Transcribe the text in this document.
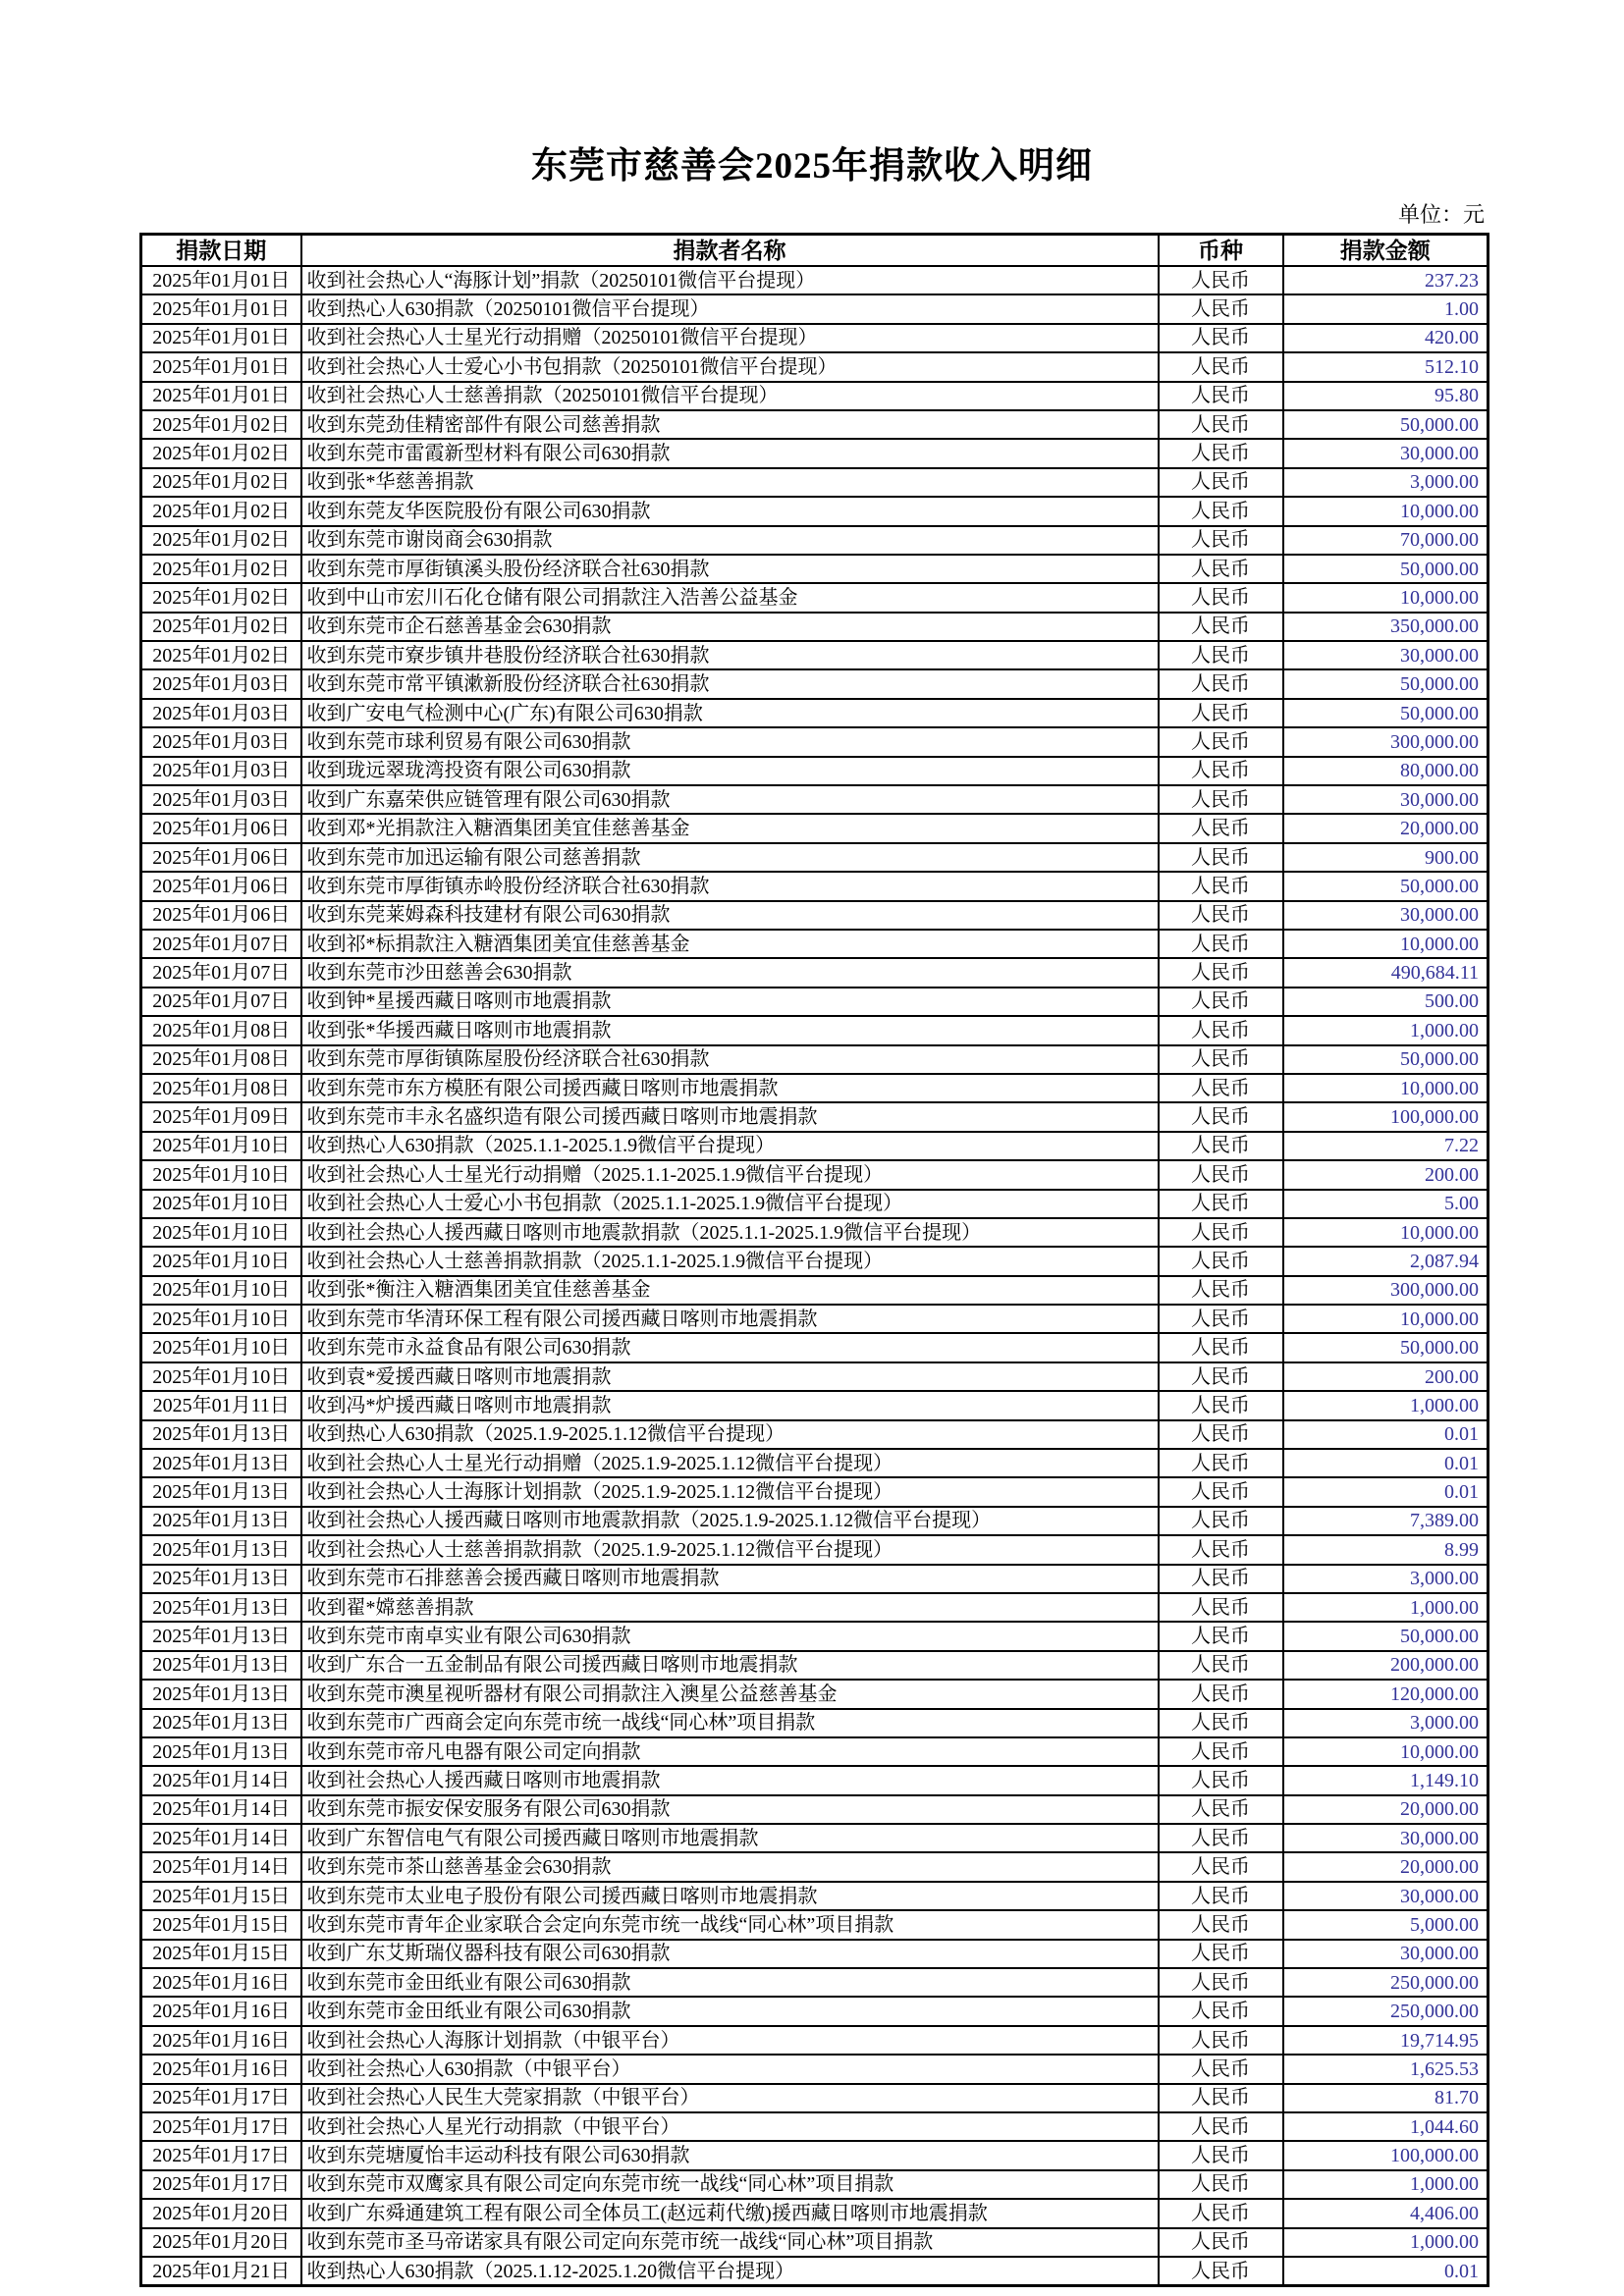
东莞市慈善会2025年捐款收入明细
单位：元
捐款日期	捐款者名称	币种	捐款金额
2025年01月01日	收到社会热心人“海豚计划”捐款（20250101微信平台提现）	人民币	237.23
2025年01月01日	收到热心人630捐款（20250101微信平台提现）	人民币	1.00
2025年01月01日	收到社会热心人士星光行动捐赠（20250101微信平台提现）	人民币	420.00
2025年01月01日	收到社会热心人士爱心小书包捐款（20250101微信平台提现）	人民币	512.10
2025年01月01日	收到社会热心人士慈善捐款（20250101微信平台提现）	人民币	95.80
2025年01月02日	收到东莞劲佳精密部件有限公司慈善捐款	人民币	50,000.00
2025年01月02日	收到东莞市雷霞新型材料有限公司630捐款	人民币	30,000.00
2025年01月02日	收到张*华慈善捐款	人民币	3,000.00
2025年01月02日	收到东莞友华医院股份有限公司630捐款	人民币	10,000.00
2025年01月02日	收到东莞市谢岗商会630捐款	人民币	70,000.00
2025年01月02日	收到东莞市厚街镇溪头股份经济联合社630捐款	人民币	50,000.00
2025年01月02日	收到中山市宏川石化仓储有限公司捐款注入浩善公益基金	人民币	10,000.00
2025年01月02日	收到东莞市企石慈善基金会630捐款	人民币	350,000.00
2025年01月02日	收到东莞市寮步镇井巷股份经济联合社630捐款	人民币	30,000.00
2025年01月03日	收到东莞市常平镇漱新股份经济联合社630捐款	人民币	50,000.00
2025年01月03日	收到广安电气检测中心(广东)有限公司630捐款	人民币	50,000.00
2025年01月03日	收到东莞市球利贸易有限公司630捐款	人民币	300,000.00
2025年01月03日	收到珑远翠珑湾投资有限公司630捐款	人民币	80,000.00
2025年01月03日	收到广东嘉荣供应链管理有限公司630捐款	人民币	30,000.00
2025年01月06日	收到邓*光捐款注入糖酒集团美宜佳慈善基金	人民币	20,000.00
2025年01月06日	收到东莞市加迅运输有限公司慈善捐款	人民币	900.00
2025年01月06日	收到东莞市厚街镇赤岭股份经济联合社630捐款	人民币	50,000.00
2025年01月06日	收到东莞莱姆森科技建材有限公司630捐款	人民币	30,000.00
2025年01月07日	收到祁*标捐款注入糖酒集团美宜佳慈善基金	人民币	10,000.00
2025年01月07日	收到东莞市沙田慈善会630捐款	人民币	490,684.11
2025年01月07日	收到钟*星援西藏日喀则市地震捐款	人民币	500.00
2025年01月08日	收到张*华援西藏日喀则市地震捐款	人民币	1,000.00
2025年01月08日	收到东莞市厚街镇陈屋股份经济联合社630捐款	人民币	50,000.00
2025年01月08日	收到东莞市东方模胚有限公司援西藏日喀则市地震捐款	人民币	10,000.00
2025年01月09日	收到东莞市丰永名盛织造有限公司援西藏日喀则市地震捐款	人民币	100,000.00
2025年01月10日	收到热心人630捐款（2025.1.1-2025.1.9微信平台提现）	人民币	7.22
2025年01月10日	收到社会热心人士星光行动捐赠（2025.1.1-2025.1.9微信平台提现）	人民币	200.00
2025年01月10日	收到社会热心人士爱心小书包捐款（2025.1.1-2025.1.9微信平台提现）	人民币	5.00
2025年01月10日	收到社会热心人援西藏日喀则市地震款捐款（2025.1.1-2025.1.9微信平台提现）	人民币	10,000.00
2025年01月10日	收到社会热心人士慈善捐款捐款（2025.1.1-2025.1.9微信平台提现）	人民币	2,087.94
2025年01月10日	收到张*衡注入糖酒集团美宜佳慈善基金	人民币	300,000.00
2025年01月10日	收到东莞市华清环保工程有限公司援西藏日喀则市地震捐款	人民币	10,000.00
2025年01月10日	收到东莞市永益食品有限公司630捐款	人民币	50,000.00
2025年01月10日	收到袁*爱援西藏日喀则市地震捐款	人民币	200.00
2025年01月11日	收到冯*炉援西藏日喀则市地震捐款	人民币	1,000.00
2025年01月13日	收到热心人630捐款（2025.1.9-2025.1.12微信平台提现）	人民币	0.01
2025年01月13日	收到社会热心人士星光行动捐赠（2025.1.9-2025.1.12微信平台提现）	人民币	0.01
2025年01月13日	收到社会热心人士海豚计划捐款（2025.1.9-2025.1.12微信平台提现）	人民币	0.01
2025年01月13日	收到社会热心人援西藏日喀则市地震款捐款（2025.1.9-2025.1.12微信平台提现）	人民币	7,389.00
2025年01月13日	收到社会热心人士慈善捐款捐款（2025.1.9-2025.1.12微信平台提现）	人民币	8.99
2025年01月13日	收到东莞市石排慈善会援西藏日喀则市地震捐款	人民币	3,000.00
2025年01月13日	收到翟*嫦慈善捐款	人民币	1,000.00
2025年01月13日	收到东莞市南卓实业有限公司630捐款	人民币	50,000.00
2025年01月13日	收到广东合一五金制品有限公司援西藏日喀则市地震捐款	人民币	200,000.00
2025年01月13日	收到东莞市澳星视听器材有限公司捐款注入澳星公益慈善基金	人民币	120,000.00
2025年01月13日	收到东莞市广西商会定向东莞市统一战线“同心林”项目捐款	人民币	3,000.00
2025年01月13日	收到东莞市帝凡电器有限公司定向捐款	人民币	10,000.00
2025年01月14日	收到社会热心人援西藏日喀则市地震捐款	人民币	1,149.10
2025年01月14日	收到东莞市振安保安服务有限公司630捐款	人民币	20,000.00
2025年01月14日	收到广东智信电气有限公司援西藏日喀则市地震捐款	人民币	30,000.00
2025年01月14日	收到东莞市茶山慈善基金会630捐款	人民币	20,000.00
2025年01月15日	收到东莞市太业电子股份有限公司援西藏日喀则市地震捐款	人民币	30,000.00
2025年01月15日	收到东莞市青年企业家联合会定向东莞市统一战线“同心林”项目捐款	人民币	5,000.00
2025年01月15日	收到广东艾斯瑞仪器科技有限公司630捐款	人民币	30,000.00
2025年01月16日	收到东莞市金田纸业有限公司630捐款	人民币	250,000.00
2025年01月16日	收到东莞市金田纸业有限公司630捐款	人民币	250,000.00
2025年01月16日	收到社会热心人海豚计划捐款（中银平台）	人民币	19,714.95
2025年01月16日	收到社会热心人630捐款（中银平台）	人民币	1,625.53
2025年01月17日	收到社会热心人民生大莞家捐款（中银平台）	人民币	81.70
2025年01月17日	收到社会热心人星光行动捐款（中银平台）	人民币	1,044.60
2025年01月17日	收到东莞塘厦怡丰运动科技有限公司630捐款	人民币	100,000.00
2025年01月17日	收到东莞市双鹰家具有限公司定向东莞市统一战线“同心林”项目捐款	人民币	1,000.00
2025年01月20日	收到广东舜通建筑工程有限公司全体员工(赵远莉代缴)援西藏日喀则市地震捐款	人民币	4,406.00
2025年01月20日	收到东莞市圣马帝诺家具有限公司定向东莞市统一战线“同心林”项目捐款	人民币	1,000.00
2025年01月21日	收到热心人630捐款（2025.1.12-2025.1.20微信平台提现）	人民币	0.01
